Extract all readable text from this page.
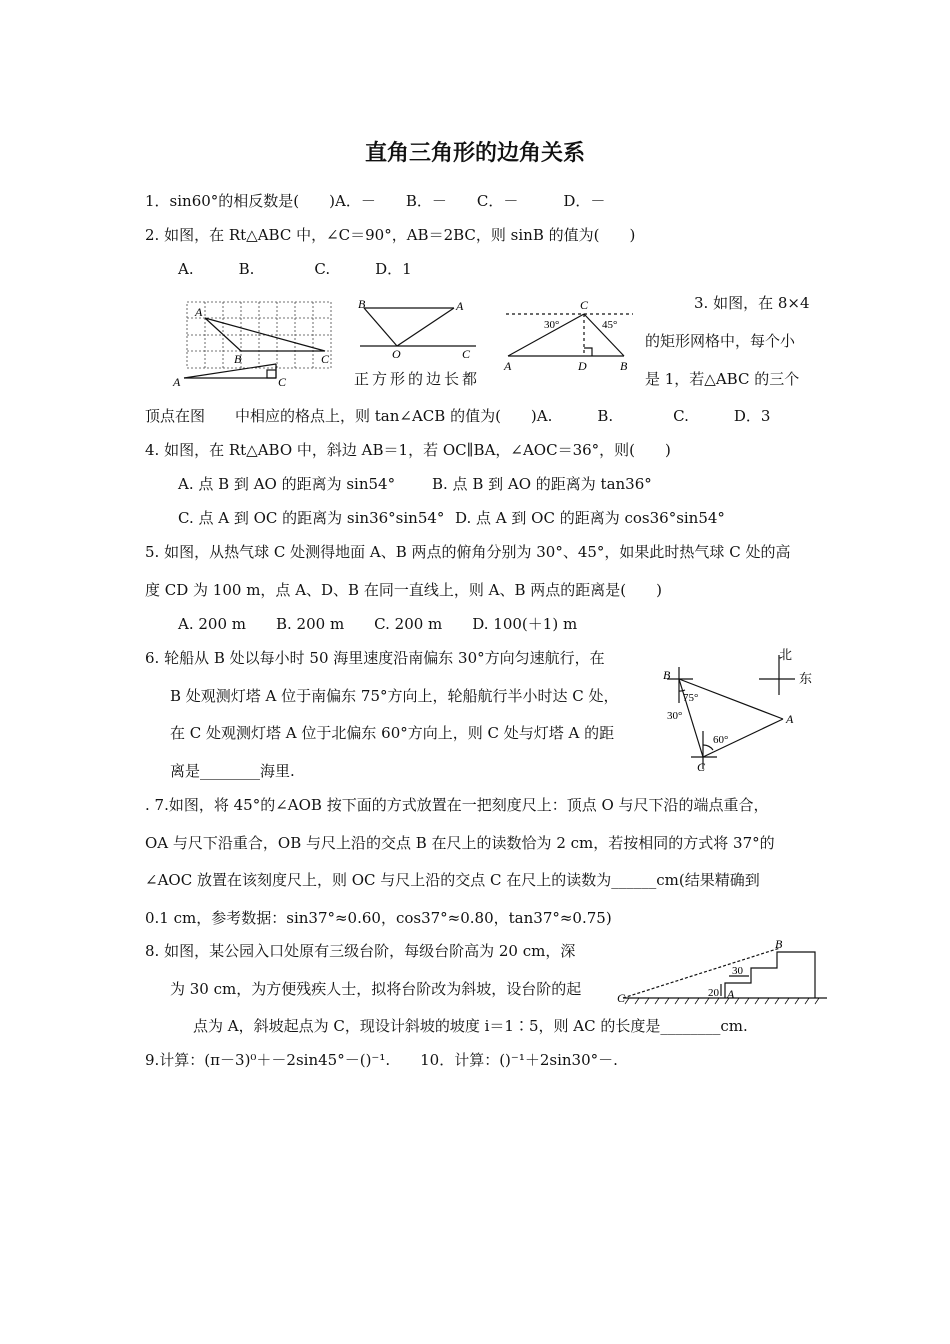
直角三角形的边角关系
1．sin60°的相反数是(　　)A．－　　B．－　　C．－　　　D．－
2. 如图，在 Rt△ABC 中，∠C＝90°，AB＝2BC，则 sinB 的值为(　　)
A.　　　B.　　　　C.　　　D．1
A
B	C
A	C
B	A
O	C
C
30°	45°
A	D	B
3. 如图，在 8×4
的矩形网格中，每个小
正方形的边长都	是 1，若△ABC 的三个
顶点在图　　中相应的格点上，则 tan∠ACB 的值为(　　)A.　　　B.　　　　C.　　　D．3
4. 如图，在 Rt△ABO 中，斜边 AB＝1，若 OC∥BA，∠AOC＝36°，则(　　)
A. 点 B 到 AO 的距离为 sin54° B. 点 B 到 AO 的距离为 tan36°
C. 点 A 到 OC 的距离为 sin36°sin54° D. 点 A 到 OC 的距离为 cos36°sin54°
5. 如图，从热气球 C 处测得地面 A、B 两点的俯角分别为 30°、45°，如果此时热气球 C 处的高
度 CD 为 100 m，点 A、D、B 在同一直线上，则 A、B 两点的距离是(　　)
A. 200 m　　B. 200 m　　C. 200 m　　D. 100(＋1) m
6. 轮船从 B 处以每小时 50 海里速度沿南偏东 30°方向匀速航行，在
B 处观测灯塔 A 位于南偏东 75°方向上，轮船航行半小时达 C 处，
在 C 处观测灯塔 A 位于北偏东 60°方向上，则 C 处与灯塔 A 的距
离是________海里.
北
东
B
75°
30°
60°
A
C
. 7.如图，将 45°的∠AOB 按下面的方式放置在一把刻度尺上：顶点 O 与尺下沿的端点重合，
OA 与尺下沿重合，OB 与尺上沿的交点 B 在尺上的读数恰为 2 cm，若按相同的方式将 37°的
∠AOC 放置在该刻度尺上，则 OC 与尺上沿的交点 C 在尺上的读数为______cm(结果精确到
0.1 cm，参考数据：sin37°≈0.60，cos37°≈0.80，tan37°≈0.75)
8. 如图，某公园入口处原有三级台阶，每级台阶高为 20 cm，深
为 30 cm，为方便残疾人士，拟将台阶改为斜坡，设台阶的起
点为 A，斜坡起点为 C，现设计斜坡的坡度 i＝1∶5，则 AC 的长度是________cm.
B
C	A
30
20
9.计算：(π－3)⁰＋－2sin45°－()⁻¹.　　10．计算：()⁻¹＋2sin30°－.
